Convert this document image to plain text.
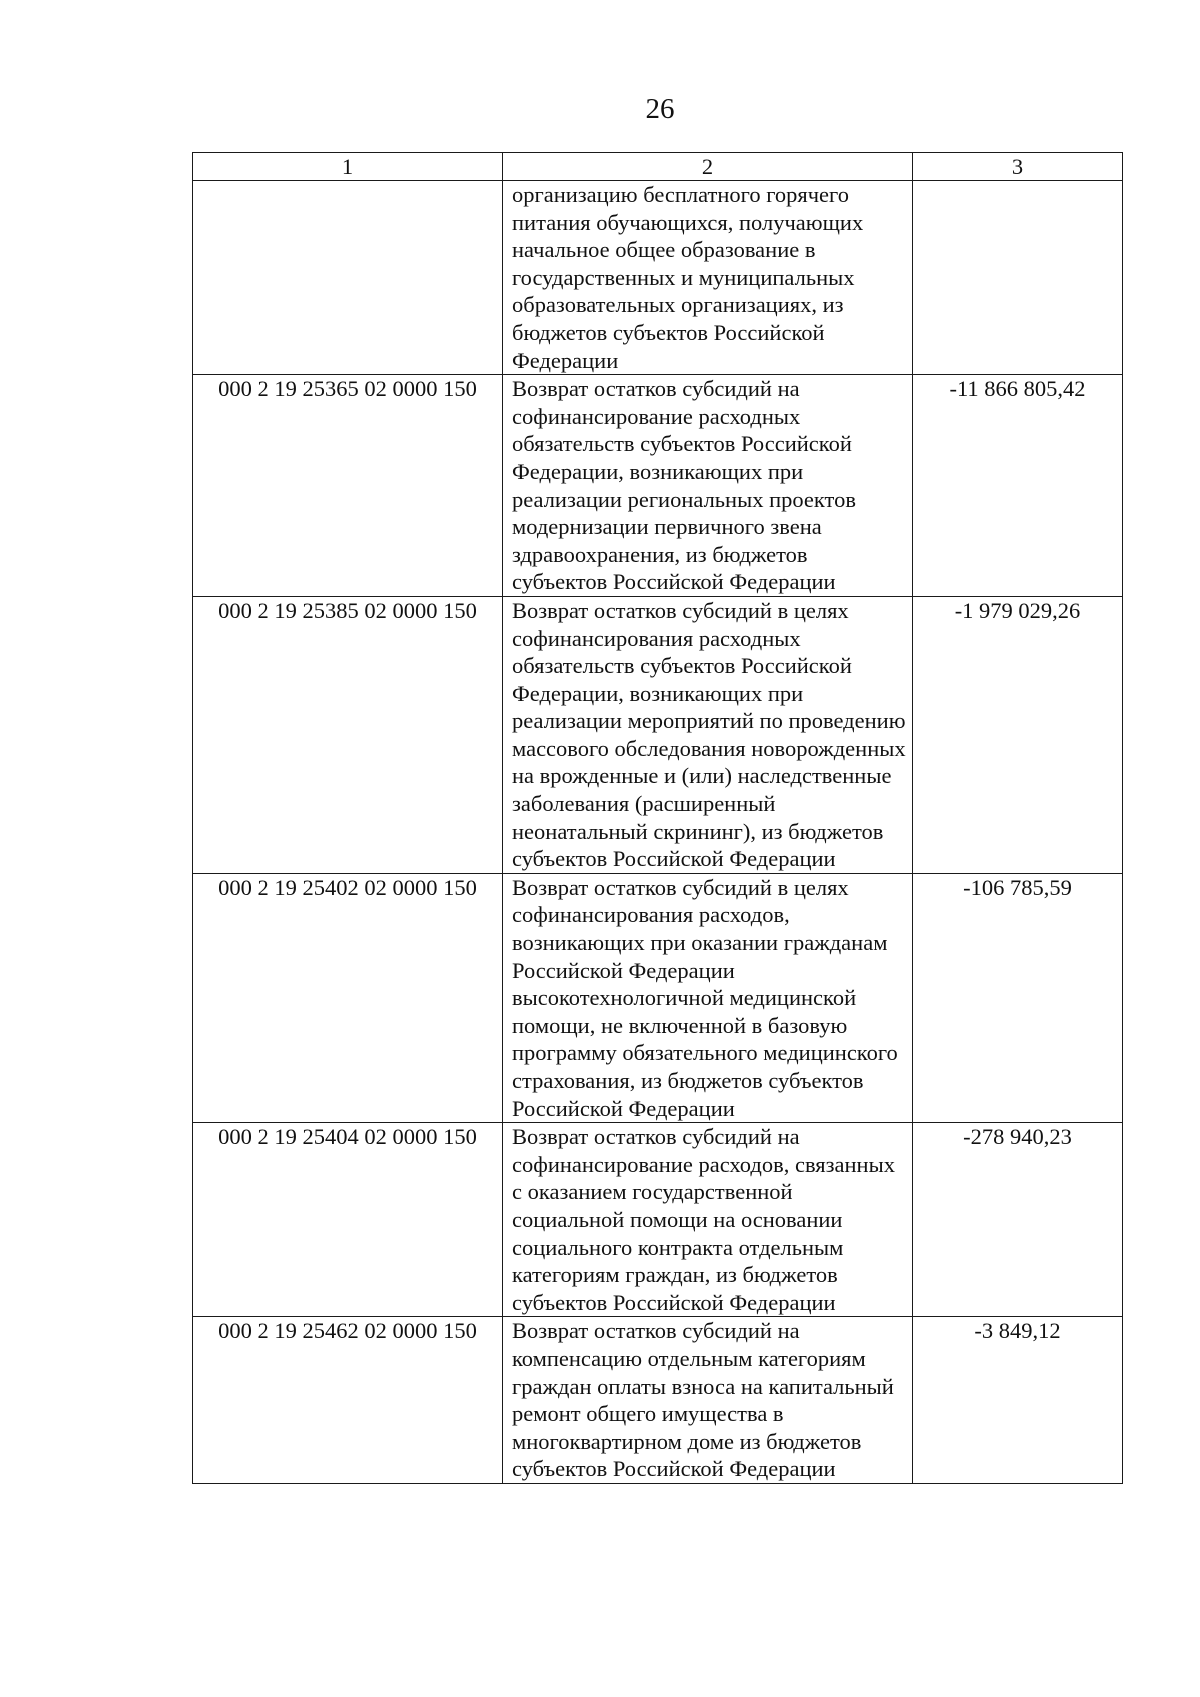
26
1	2	3
	организацию бесплатного горячего питания обучающихся, получающих начальное общее образование в государственных и муниципальных образовательных организациях, из бюджетов субъектов Российской Федерации	
000 2 19 25365 02 0000 150	Возврат остатков субсидий на софинансирование расходных обязательств субъектов Российской Федерации, возникающих при реализации региональных проектов модернизации первичного звена здравоохранения, из бюджетов субъектов Российской Федерации	-11 866 805,42
000 2 19 25385 02 0000 150	Возврат остатков субсидий в целях софинансирования расходных обязательств субъектов Российской Федерации, возникающих при реализации мероприятий по проведению массового обследования новорожденных на врожденные и (или) наследственные заболевания (расширенный неонатальный скрининг), из бюджетов субъектов Российской Федерации	-1 979 029,26
000 2 19 25402 02 0000 150	Возврат остатков субсидий в целях софинансирования расходов, возникающих при оказании гражданам Российской Федерации высокотехнологичной медицинской помощи, не включенной в базовую программу обязательного медицинского страхования, из бюджетов субъектов Российской Федерации	-106 785,59
000 2 19 25404 02 0000 150	Возврат остатков субсидий на софинансирование расходов, связанных с оказанием государственной социальной помощи на основании социального контракта отдельным категориям граждан, из бюджетов субъектов Российской Федерации	-278 940,23
000 2 19 25462 02 0000 150	Возврат остатков субсидий на компенсацию отдельным категориям граждан оплаты взноса на капитальный ремонт общего имущества в многоквартирном доме из бюджетов субъектов Российской Федерации	-3 849,12
